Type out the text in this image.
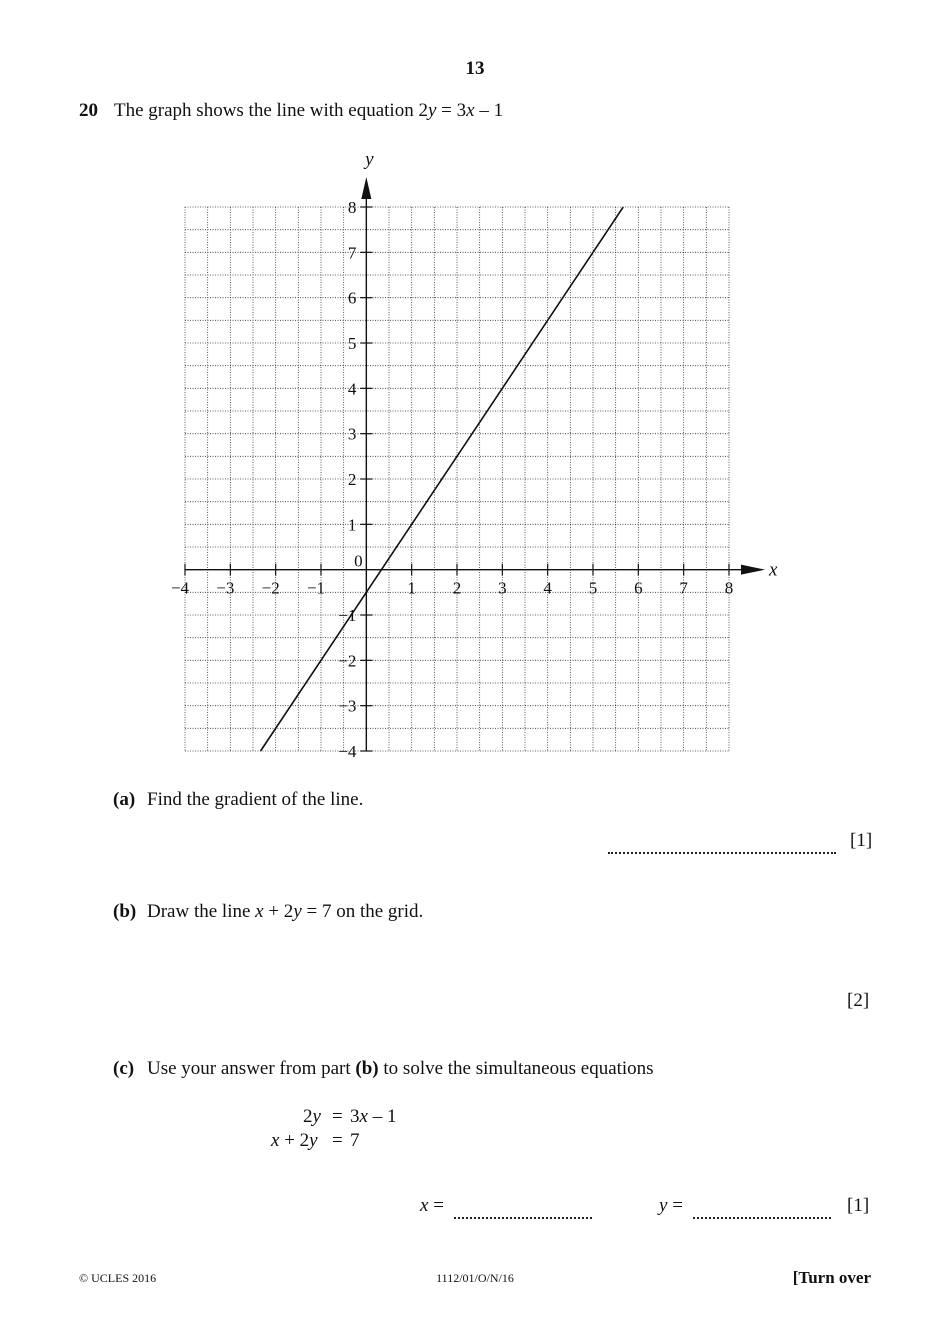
13
20 The graph shows the line with equation 2y = 3x – 1
x
y
0
−4 −3 −2 −1	1 2 3 4 5 6 7 8
−4
−3
−2
−1
1
2
3
4
5
6
7
8
(a) Find the gradient of the line.
[1]
(b) Draw the line x + 2y = 7 on the grid.
[2]
(c) Use your answer from part (b) to solve the simultaneous equations
2y = 3x – 1
x + 2y = 7
x =	y =	[1]
© UCLES 2016	1112/01/O/N/16	[Turn over
